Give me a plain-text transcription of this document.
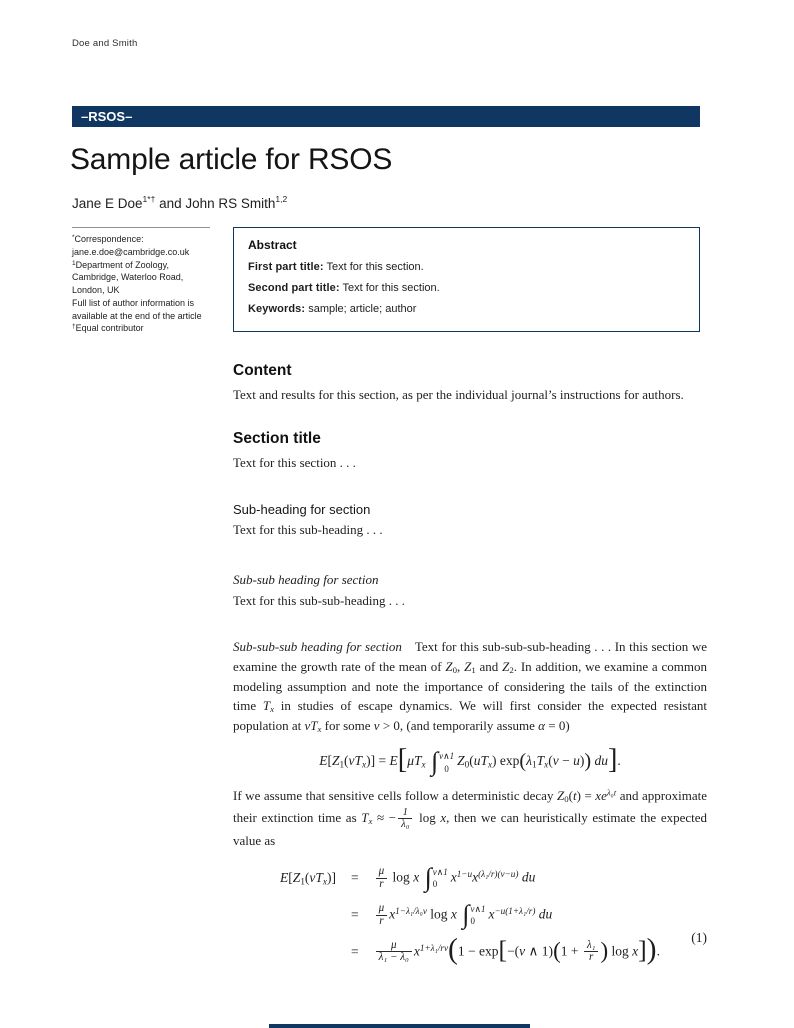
Doe and Smith
–RSOS–
Sample article for RSOS
Jane E Doe$^{1*\dagger}$ and John RS Smith$^{1,2}$
*Correspondence:
jane.e.doe@cambridge.co.uk
$^1$Department of Zoology,
Cambridge, Waterloo Road,
London, UK
Full list of author information is
available at the end of the article
†Equal contributor
Abstract
First part title: Text for this section.
Second part title: Text for this section.
Keywords: sample; article; author
Content

Text and results for this section, as per the individual journal’s instructions for authors.

Section title

Text for this section . . .

Sub-heading for section

Text for this sub-heading . . .

Sub-sub heading for section

Text for this sub-sub-heading . . .

Sub-sub-sub heading for section Text for this sub-sub-sub-heading . . . In this section we examine the growth rate of the mean of $Z_0$, $Z_1$ and $Z_2$. In addition, we examine a common modeling assumption and note the importance of considering the tails of the extinction time $T_x$ in studies of escape dynamics. We will first consider the expected resistant population at $vT_x$ for some v > 0, (and temporarily assume α = 0)

$E[Z_1(vT_x)] = E[\mu T_x$ ∫ v∧1
0
$Z_0(uT_x) \exp(\lambda_1T_x(v - u))$ du].

If we assume that sensitive cells follow a deterministic decay $Z_0(t) = xe^{\lambda_0t}$ and approximate their extinction time as $T_x$ ≈ − $\frac{1}{\text{λ₀}}$ log x, then we can heuristically estimate the expected value as

$E[Z_1(vT_x)]$	=	$\frac{\mu}{r}$ log x ∫ v∧1
0
$x^{1-u}x^{(\lambda_1/r)(v-u)}$ du
	=	$\frac{\mu}{r} x^{1-\lambda_1/\lambda_0v}$ log x ∫ v∧1
0
$x^{-u(1+\lambda_1/r)}$ du
	=	$\frac{\mu}{\text{λ₁ − λ₀}} x^{1+\lambda_1/rv}(1 - \exp[-(v$ ∧ $1)(1 + \frac{\text{λ₁}}{r}$ ) log x]).
(1)
